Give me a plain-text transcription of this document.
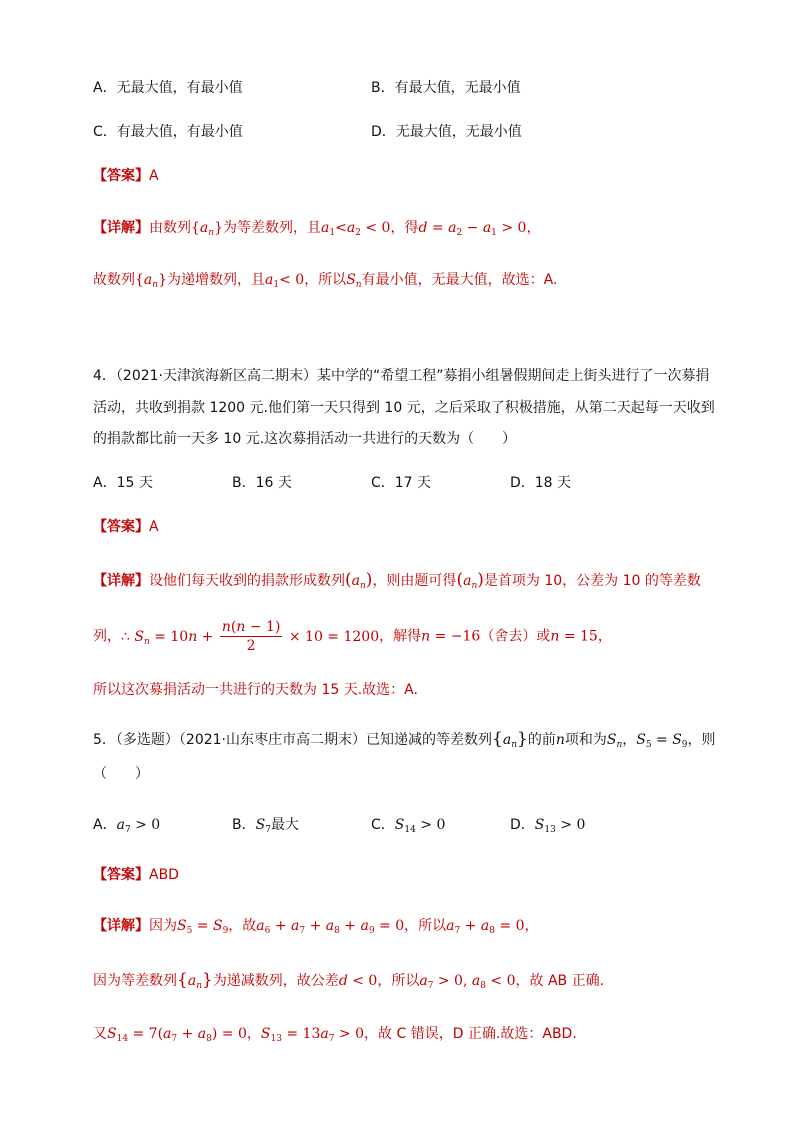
A．无最大值，有最小值	B．有最大值，无最小值
C．有最大值，有最小值	D．无最大值，无最小值
【答案】A
【详解】由数列$\{a_n\}$为等差数列，且$a_1<a_2 < 0$，得$d = a_2 - a_1 > 0$，
故数列$\{a_n\}$为递增数列，且$a_1< 0$，所以$S_n$有最小值，无最大值，故选：A.
4．（2021·天津滨海新区高二期末）某中学的“希望工程”募捐小组暑假期间走上街头进行了一次募捐
活动，共收到捐款 1200 元.他们第一天只得到 10 元，之后采取了积极措施，从第二天起每一天收到
的捐款都比前一天多 10 元.这次募捐活动一共进行的天数为（　　）
A．15 天	B．16 天	C．17 天	D．18 天
【答案】A
【详解】设他们每天收到的捐款形成数列$(a_n)$，则由题可得$(a_n)$是首项为 10，公差为 10 的等差数
列，∴ $S_n = 10n + \frac{n(n - 1)}{2} \times 10 = 1200$，解得n = −16（舍去）或n = 15，
所以这次募捐活动一共进行的天数为 15 天.故选：A.
5．（多选题）（2021·山东枣庄市高二期末）已知递减的等差数列$\{a_n\}$的前n项和为$S_n$，$S_5 = S_9$，则
（　　）
A．$a_7 > 0$	B．$S_7$最大	C．$S_{14} > 0$	D．$S_{13} > 0$
【答案】ABD
【详解】因为$S_5 = S_9$，故$a_6 + a_7 + a_8 + a_9 = 0$，所以$a_7 + a_8 = 0$，
因为等差数列$\{a_n\}$为递减数列，故公差d < 0，所以$a_7 > 0$, $a_8 < 0$，故 AB 正确.
又$S_{14} = 7(a_7 + a_8) = 0$，$S_{13} = 13a_7 > 0$，故 C 错误，D 正确.故选：ABD.
